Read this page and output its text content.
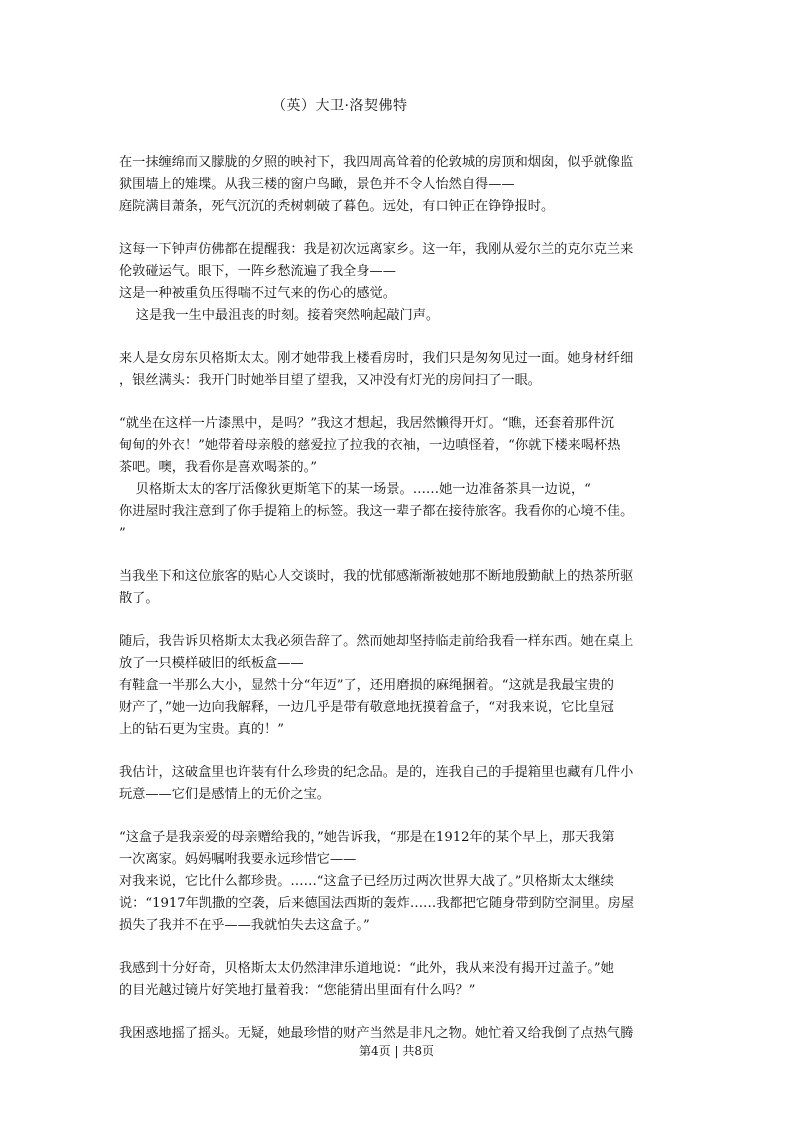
（英）大卫·洛契佛特
在一抹缠绵而又朦胧的夕照的映衬下，我四周高耸着的伦敦城的房顶和烟囱，似乎就像监
狱围墙上的雉堞。从我三楼的窗户鸟瞰，景色并不令人怡然自得——
庭院满目萧条，死气沉沉的秃树刺破了暮色。远处，有口钟正在铮铮报时。
这每一下钟声仿佛都在提醒我：我是初次远离家乡。这一年，我刚从爱尔兰的克尔克兰来
伦敦碰运气。眼下，一阵乡愁流遍了我全身——
这是一种被重负压得喘不过气来的伤心的感觉。
这是我一生中最沮丧的时刻。接着突然响起敲门声。
来人是女房东贝格斯太太。刚才她带我上楼看房时，我们只是匆匆见过一面。她身材纤细
，银丝满头：我开门时她举目望了望我，又冲没有灯光的房间扫了一眼。
“就坐在这样一片漆黑中，是吗？”我这才想起，我居然懒得开灯。“瞧，还套着那件沉
甸甸的外衣！”她带着母亲般的慈爱拉了拉我的衣袖，一边嗔怪着，“你就下楼来喝杯热
茶吧。噢，我看你是喜欢喝茶的。”
贝格斯太太的客厅活像狄更斯笔下的某一场景。……她一边准备茶具一边说，“
你进屋时我注意到了你手提箱上的标签。我这一辈子都在接待旅客。我看你的心境不佳。
”
当我坐下和这位旅客的贴心人交谈时，我的忧郁感渐渐被她那不断地殷勤献上的热茶所驱
散了。
随后，我告诉贝格斯太太我必须告辞了。然而她却坚持临走前给我看一样东西。她在桌上
放了一只模样破旧的纸板盒——
有鞋盒一半那么大小，显然十分“年迈”了，还用磨损的麻绳捆着。“这就是我最宝贵的
财产了，”她一边向我解释，一边几乎是带有敬意地抚摸着盒子，“对我来说，它比皇冠
上的钻石更为宝贵。真的！”
我估计，这破盒里也许装有什么珍贵的纪念品。是的，连我自己的手提箱里也藏有几件小
玩意——它们是感情上的无价之宝。
“这盒子是我亲爱的母亲赠给我的，”她告诉我，“那是在1912年的某个早上，那天我第
一次离家。妈妈嘱咐我要永远珍惜它——
对我来说，它比什么都珍贵。……“这盒子已经历过两次世界大战了。”贝格斯太太继续
说：“1917年凯撒的空袭，后来德国法西斯的轰炸……我都把它随身带到防空洞里。房屋
损失了我并不在乎——我就怕失去这盒子。”
我感到十分好奇，贝格斯太太仍然津津乐道地说：“此外，我从来没有揭开过盖子。”她
的目光越过镜片好笑地打量着我：“您能猜出里面有什么吗？”
我困惑地摇了摇头。无疑，她最珍惜的财产当然是非凡之物。她忙着又给我倒了点热气腾
第4页 | 共8页
